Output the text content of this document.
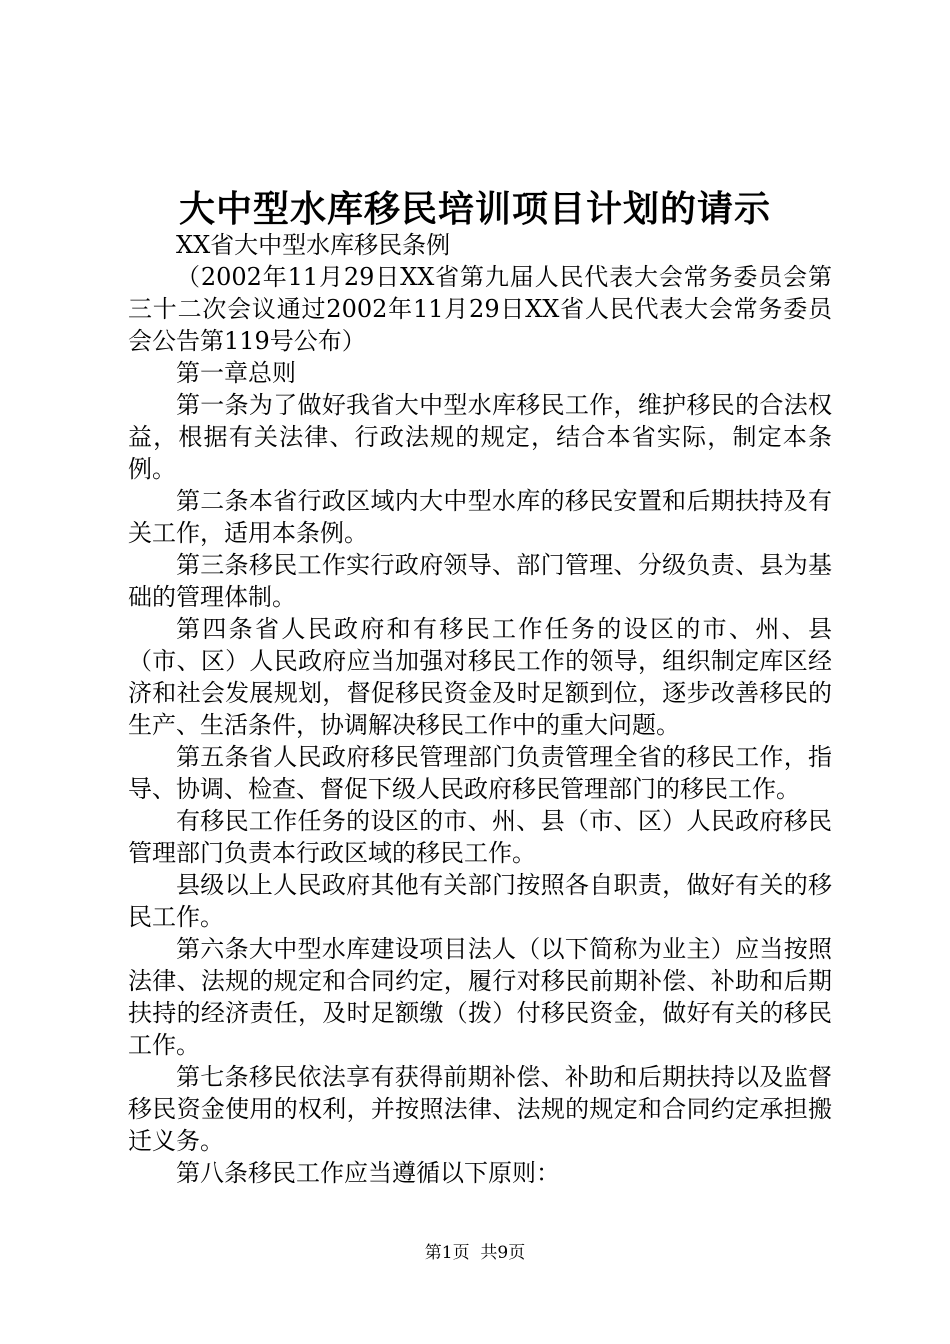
大中型水库移民培训项目计划的请示

XX省大中型水库移民条例

（2002年11月29日XX省第九届人民代表大会常务委员会第三十二次会议通过2002年11月29日XX省人民代表大会常务委员会公告第119号公布）

第一章总则

第一条为了做好我省大中型水库移民工作，维护移民的合法权益，根据有关法律、行政法规的规定，结合本省实际，制定本条例。

第二条本省行政区域内大中型水库的移民安置和后期扶持及有关工作，适用本条例。

第三条移民工作实行政府领导、部门管理、分级负责、县为基础的管理体制。

第四条省人民政府和有移民工作任务的设区的市、州、县（市、区）人民政府应当加强对移民工作的领导，组织制定库区经济和社会发展规划，督促移民资金及时足额到位，逐步改善移民的生产、生活条件，协调解决移民工作中的重大问题。

第五条省人民政府移民管理部门负责管理全省的移民工作，指导、协调、检查、督促下级人民政府移民管理部门的移民工作。

有移民工作任务的设区的市、州、县（市、区）人民政府移民管理部门负责本行政区域的移民工作。

县级以上人民政府其他有关部门按照各自职责，做好有关的移民工作。

第六条大中型水库建设项目法人（以下简称为业主）应当按照法律、法规的规定和合同约定，履行对移民前期补偿、补助和后期扶持的经济责任，及时足额缴（拨）付移民资金，做好有关的移民工作。

第七条移民依法享有获得前期补偿、补助和后期扶持以及监督移民资金使用的权利，并按照法律、法规的规定和合同约定承担搬迁义务。

第八条移民工作应当遵循以下原则：

第1页  共9页
